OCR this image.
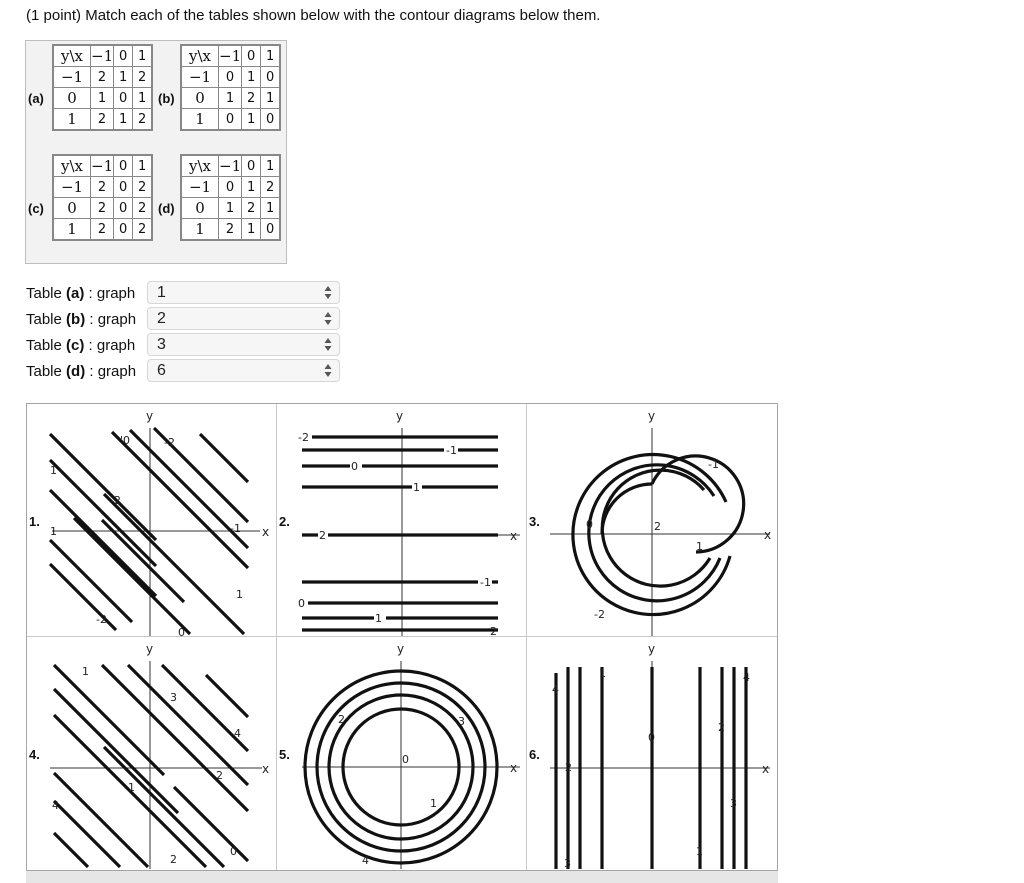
(1 point) Match each of the tables shown below with the contour diagrams below them.
(a)
y\x	−1	0	1
−1	2	1	2
0	1	0	1
1	2	1	2
(b)
y\x	−1	0	1
−1	0	1	0
0	1	2	1
1	0	1	0
(c)
y\x	−1	0	1
−1	2	0	2
0	2	0	2
1	2	0	2
(d)
y\x	−1	0	1
−1	0	1	2
0	1	2	1
1	2	1	0
Table (a) : graph	1
Table (b) : graph	2
Table (c) : graph	3
Table (d) : graph	6
1.
y
x
'0	-2
1
2
-1
1
-2
1
0
2.
y
x
-2
-1
0
1
2
-1
0
1
2
3.
y
x
-1
0	2
1
-2
4.
y
x
1
3
4
2
1
4
2
0
5.
y
x
2	3
0
1
4
6.
y
x
4
1
0
2
4
2
3
1
3
